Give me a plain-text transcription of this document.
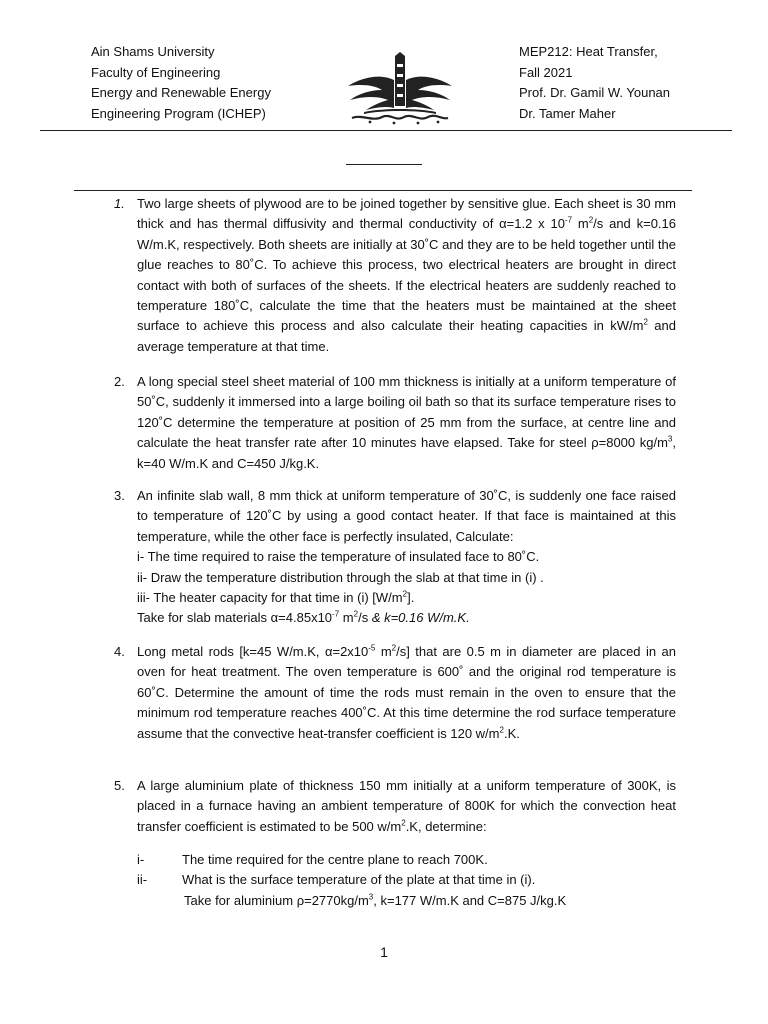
Ain Shams University
Faculty of Engineering
Energy and Renewable Energy
Engineering Program (ICHEP)
MEP212: Heat Transfer,
Fall 2021
Prof. Dr. Gamil W. Younan
Dr. Tamer Maher
1. Two large sheets of plywood are to be joined together by sensitive glue. Each sheet is 30 mm thick and has thermal diffusivity and thermal conductivity of α=1.2 x $10^{-7}$ $m^2/s$ and k=0.16 W/m.K, respectively. Both sheets are initially at 30˚C and they are to be held together until the glue reaches to 80˚C. To achieve this process, two electrical heaters are brought in direct contact with both of surfaces of the sheets. If the electrical heaters are suddenly reached to temperature 180˚C, calculate the time that the heaters must be maintained at the sheet surface to achieve this process and also calculate their heating capacities in $kW/m^2$ and average temperature at that time.

2. A long special steel sheet material of 100 mm thickness is initially at a uniform temperature of 50˚C, suddenly it immersed into a large boiling oil bath so that its surface temperature rises to 120˚C determine the temperature at position of 25 mm from the surface, at centre line and calculate the heat transfer rate after 10 minutes have elapsed. Take for steel ρ=8000 $kg/m^3$, k=40 W/m.K and C=450 J/kg.K.

3. An infinite slab wall, 8 mm thick at uniform temperature of 30˚C, is suddenly one face raised to temperature of 120˚C by using a good contact heater. If that face is maintained at this temperature, while the other face is perfectly insulated, Calculate:

i- The time required to raise the temperature of insulated face to 80˚C.
ii- Draw the temperature distribution through the slab at that time in (i) .
iii- The heater capacity for that time in (i) $[W/m^2]$.
Take for slab materials $\alpha=4.85x10^{-7}$ $m^2/s$ & k=0.16 W/m.K.
4. Long metal rods [k=45 W/m.K, $\alpha=2x10^{-5}$ $m^2/s$] that are 0.5 m in diameter are placed in an oven for heat treatment. The oven temperature is 600˚ and the original rod temperature is 60˚C. Determine the amount of time the rods must remain in the oven to ensure that the minimum rod temperature reaches 400˚C. At this time determine the rod surface temperature assume that the convective heat-transfer coefficient is 120 $w/m^2.K$.

5. A large aluminium plate of thickness 150 mm initially at a uniform temperature of 300K, is placed in a furnace having an ambient temperature of 800K for which the convection heat transfer coefficient is estimated to be 500 $w/m^2.K$, determine:

i-	The time required for the centre plane to reach 700K.
ii-	What is the surface temperature of the plate at that time in (i).
Take for aluminium $\rho=2770kg/m^3$, k=177 W/m.K and C=875 J/kg.K
1
